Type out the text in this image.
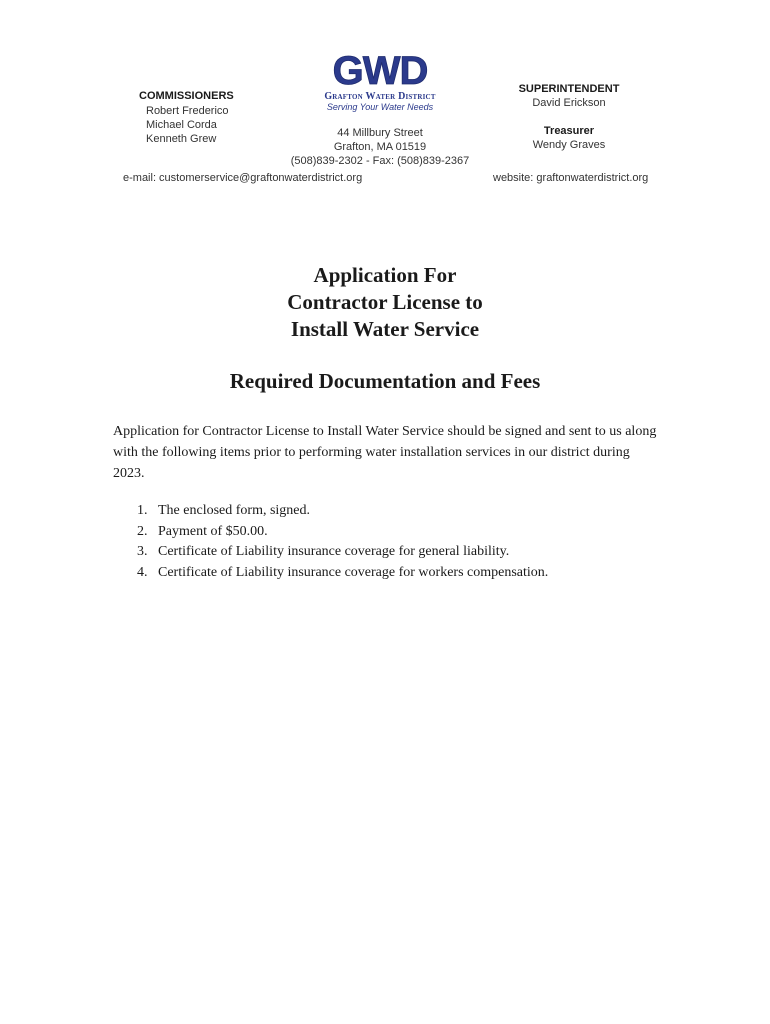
COMMISSIONERS
Robert Frederico
Michael Corda
Kenneth Grew
GWD
Grafton Water District
Serving Your Water Needs
44 Millbury Street
Grafton, MA 01519
(508)839-2302 - Fax: (508)839-2367
SUPERINTENDENT
David Erickson
Treasurer
Wendy Graves
e-mail: customerservice@graftonwaterdistrict.org	website: graftonwaterdistrict.org
Application For
Contractor License to
Install Water Service
Required Documentation and Fees

Application for Contractor License to Install Water Service should be signed and sent to us along with the following items prior to performing water installation services in our district during 2023.

1. The enclosed form, signed.
2. Payment of $50.00.
3. Certificate of Liability insurance coverage for general liability.
4. Certificate of Liability insurance coverage for workers compensation.
